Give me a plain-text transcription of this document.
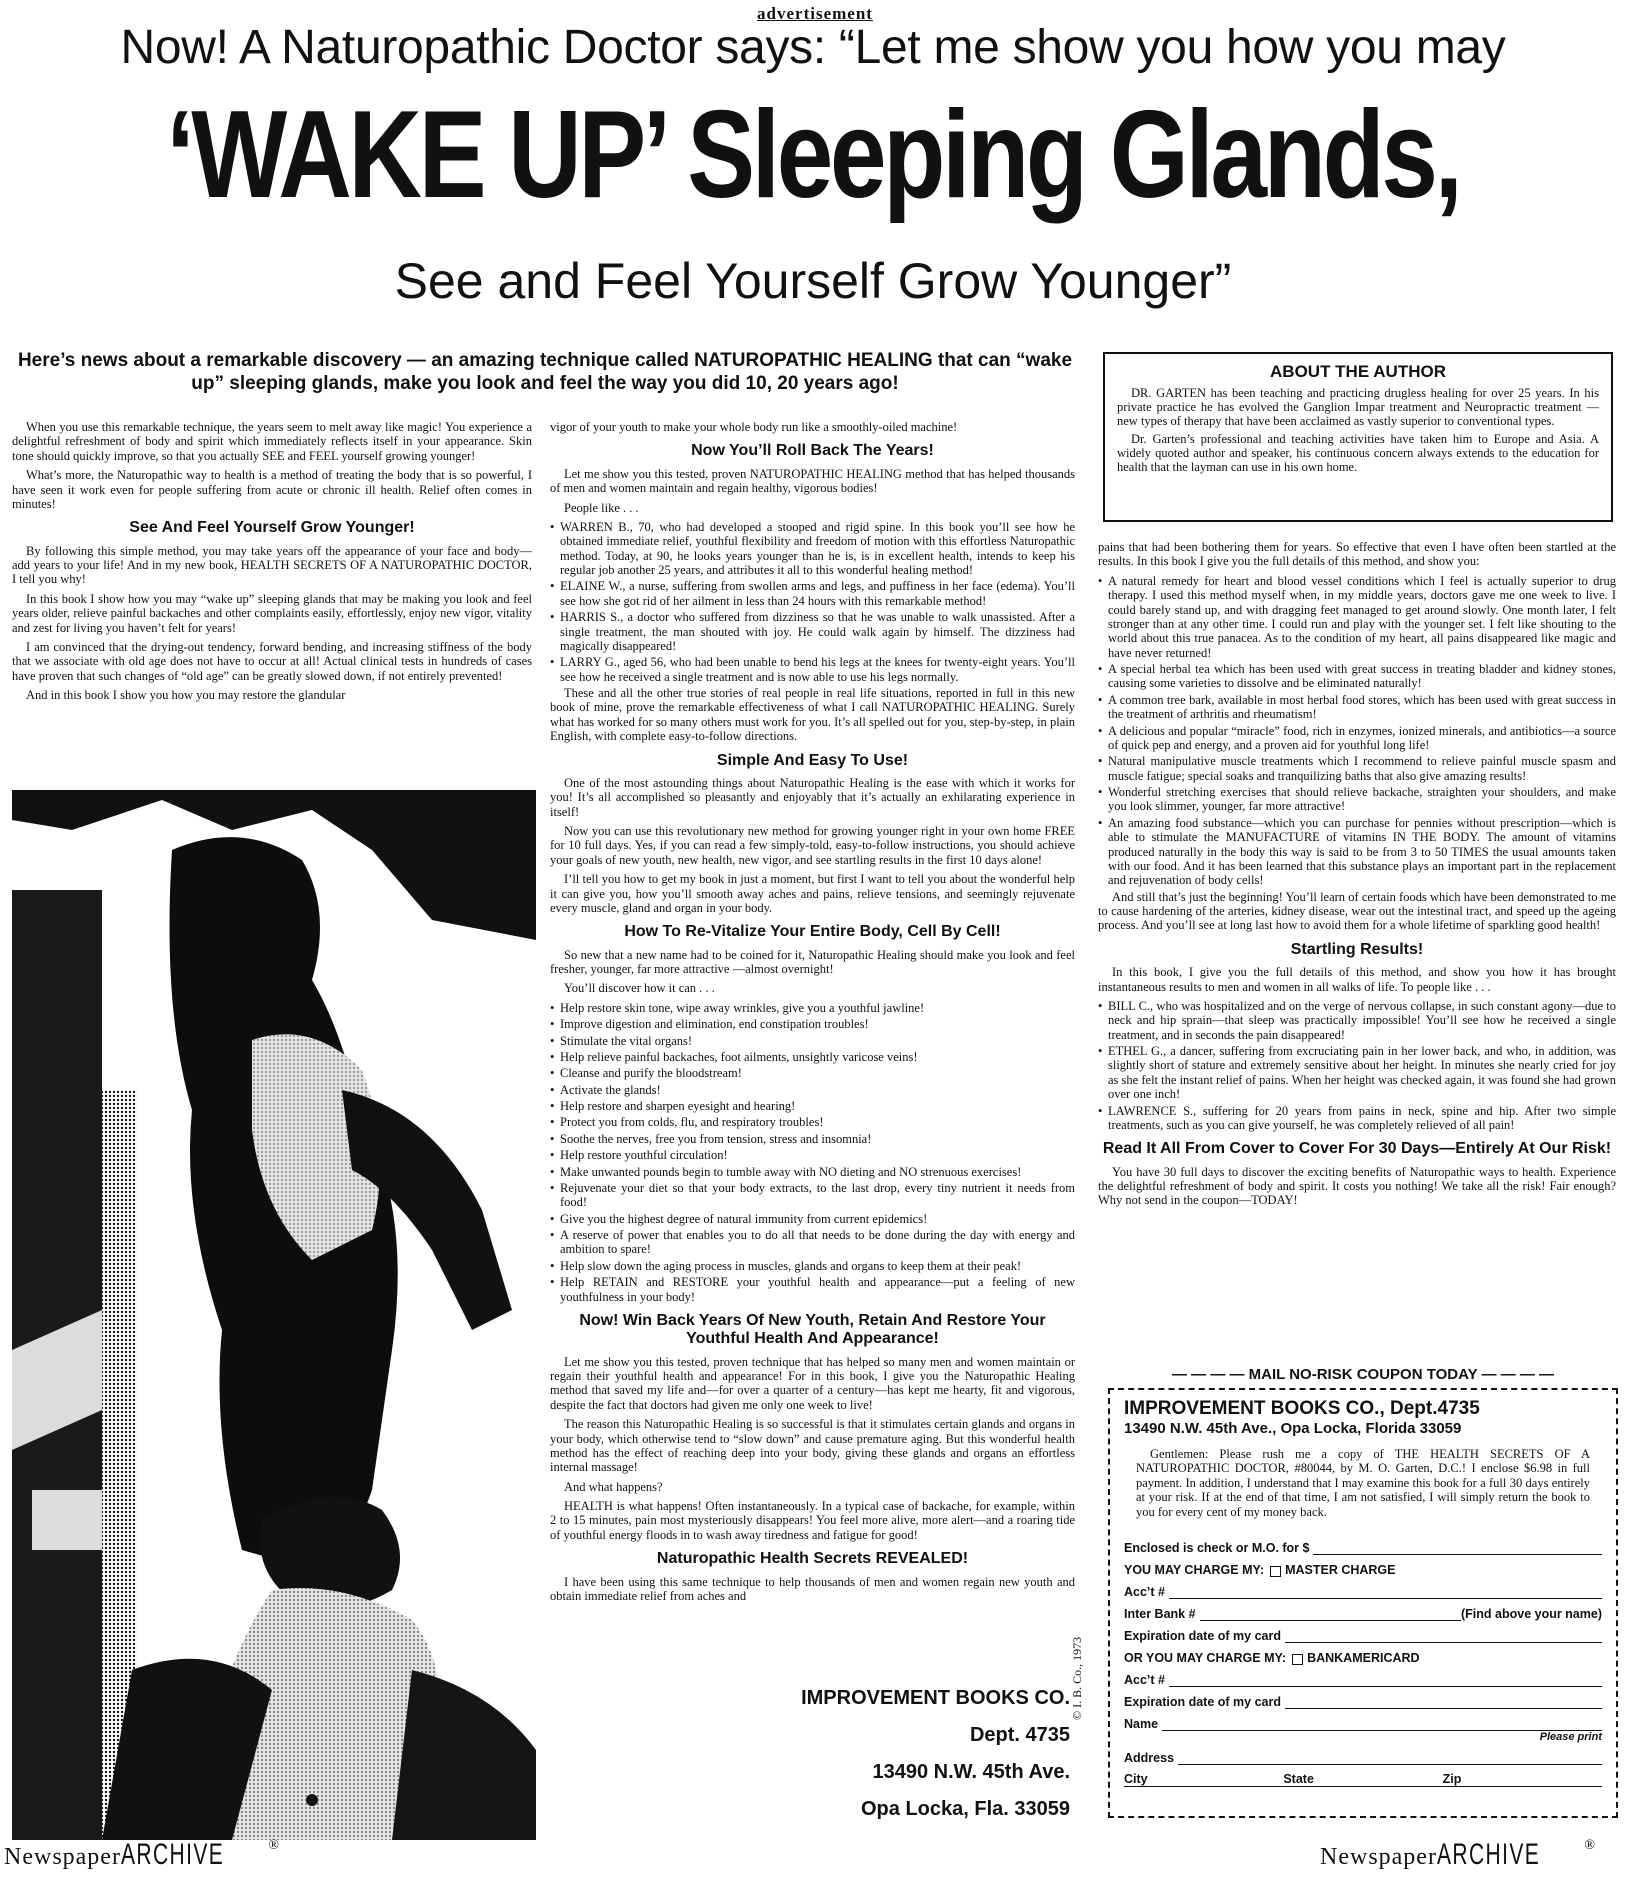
advertisement
Now! A Naturopathic Doctor says: “Let me show you how you may
‘WAKE UP’ Sleeping Glands,
See and Feel Yourself Grow Younger”
Here’s news about a remarkable discovery — an amazing technique called NATUROPATHIC HEALING that can “wake up” sleeping glands, make you look and feel the way you did 10, 20 years ago!

When you use this remarkable technique, the years seem to melt away like magic! You experience a delightful refreshment of body and spirit which immediately reflects itself in your appearance. Skin tone should quickly improve, so that you actually SEE and FEEL yourself growing younger!

What’s more, the Naturopathic way to health is a method of treating the body that is so powerful, I have seen it work even for people suffering from acute or chronic ill health. Relief often comes in minutes!

See And Feel Yourself Grow Younger!

By following this simple method, you may take years off the appearance of your face and body—add years to your life! And in my new book, HEALTH SECRETS OF A NATUROPATHIC DOCTOR, I tell you why!

In this book I show how you may “wake up” sleeping glands that may be making you look and feel years older, relieve painful backaches and other complaints easily, effortlessly, enjoy new vigor, vitality and zest for living you haven’t felt for years!

I am convinced that the drying-out tendency, forward bending, and increasing stiffness of the body that we associate with old age does not have to occur at all! Actual clinical tests in hundreds of cases have proven that such changes of “old age” can be greatly slowed down, if not entirely prevented!

And in this book I show you how you may restore the glandular

vigor of your youth to make your whole body run like a smoothly-oiled machine!

Now You’ll Roll Back The Years!

Let me show you this tested, proven NATUROPATHIC HEALING method that has helped thousands of men and women maintain and regain healthy, vigorous bodies!

People like . . .

• WARREN B., 70, who had developed a stooped and rigid spine. In this book you’ll see how he obtained immediate relief, youthful flexibility and freedom of motion with this effortless Naturopathic method. Today, at 90, he looks years younger than he is, is in excellent health, intends to keep his regular job another 25 years, and attributes it all to this wonderful healing method!
• ELAINE W., a nurse, suffering from swollen arms and legs, and puffiness in her face (edema). You’ll see how she got rid of her ailment in less than 24 hours with this remarkable method!
• HARRIS S., a doctor who suffered from dizziness so that he was unable to walk unassisted. After a single treatment, the man shouted with joy. He could walk again by himself. The dizziness had magically disappeared!
• LARRY G., aged 56, who had been unable to bend his legs at the knees for twenty-eight years. You’ll see how he received a single treatment and is now able to use his legs normally.

These and all the other true stories of real people in real life situations, reported in full in this new book of mine, prove the remarkable effectiveness of what I call NATUROPATHIC HEALING. Surely what has worked for so many others must work for you. It’s all spelled out for you, step-by-step, in plain English, with complete easy-to-follow directions.

Simple And Easy To Use!

One of the most astounding things about Naturopathic Healing is the ease with which it works for you! It’s all accomplished so pleasantly and enjoyably that it’s actually an exhilarating experience in itself!

Now you can use this revolutionary new method for growing younger right in your own home FREE for 10 full days. Yes, if you can read a few simply-told, easy-to-follow instructions, you should achieve your goals of new youth, new health, new vigor, and see startling results in the first 10 days alone!

I’ll tell you how to get my book in just a moment, but first I want to tell you about the wonderful help it can give you, how you’ll smooth away aches and pains, relieve tensions, and seemingly rejuvenate every muscle, gland and organ in your body.

How To Re-Vitalize Your Entire Body, Cell By Cell!

So new that a new name had to be coined for it, Naturopathic Healing should make you look and feel fresher, younger, far more attractive —almost overnight!

You’ll discover how it can . . .

• Help restore skin tone, wipe away wrinkles, give you a youthful jawline!
• Improve digestion and elimination, end constipation troubles!
• Stimulate the vital organs!
• Help relieve painful backaches, foot ailments, unsightly varicose veins!
• Cleanse and purify the bloodstream!
• Activate the glands!
• Help restore and sharpen eyesight and hearing!
• Protect you from colds, flu, and respiratory troubles!
• Soothe the nerves, free you from tension, stress and insomnia!
• Help restore youthful circulation!
• Make unwanted pounds begin to tumble away with NO dieting and NO strenuous exercises!
• Rejuvenate your diet so that your body extracts, to the last drop, every tiny nutrient it needs from food!
• Give you the highest degree of natural immunity from current epidemics!
• A reserve of power that enables you to do all that needs to be done during the day with energy and ambition to spare!
• Help slow down the aging process in muscles, glands and organs to keep them at their peak!
• Help RETAIN and RESTORE your youthful health and appearance—put a feeling of new youthfulness in your body!
Now! Win Back Years Of New Youth, Retain And Restore Your Youthful Health And Appearance!

Let me show you this tested, proven technique that has helped so many men and women maintain or regain their youthful health and appearance! For in this book, I give you the Naturopathic Healing method that saved my life and—for over a quarter of a century—has kept me hearty, fit and vigorous, despite the fact that doctors had given me only one week to live!

The reason this Naturopathic Healing is so successful is that it stimulates certain glands and organs in your body, which otherwise tend to “slow down” and cause premature aging. But this wonderful health method has the effect of reaching deep into your body, giving these glands and organs an effortless internal massage!

And what happens?

HEALTH is what happens! Often instantaneously. In a typical case of backache, for example, within 2 to 15 minutes, pain most mysteriously disappears! You feel more alive, more alert—and a roaring tide of youthful energy floods in to wash away tiredness and fatigue for good!

Naturopathic Health Secrets REVEALED!

I have been using this same technique to help thousands of men and women regain new youth and obtain immediate relief from aches and

IMPROVEMENT BOOKS CO.
Dept. 4735
13490 N.W. 45th Ave.
Opa Locka, Fla. 33059
© I. B. Co., 1973
ABOUT THE AUTHOR

DR. GARTEN has been teaching and practicing drugless healing for over 25 years. In his private practice he has evolved the Ganglion Impar treatment and Neuropractic treatment — new types of therapy that have been acclaimed as vastly superior to conventional types.

Dr. Garten’s professional and teaching activities have taken him to Europe and Asia. A widely quoted author and speaker, his continuous concern always extends to the education for health that the layman can use in his own home.

pains that had been bothering them for years. So effective that even I have often been startled at the results. In this book I give you the full details of this method, and show you:

• A natural remedy for heart and blood vessel conditions which I feel is actually superior to drug therapy. I used this method myself when, in my middle years, doctors gave me one week to live. I could barely stand up, and with dragging feet managed to get around slowly. One month later, I felt stronger than at any other time. I could run and play with the younger set. I felt like shouting to the world about this true panacea. As to the condition of my heart, all pains disappeared like magic and have never returned!
• A special herbal tea which has been used with great success in treating bladder and kidney stones, causing some varieties to dissolve and be eliminated naturally!
• A common tree bark, available in most herbal food stores, which has been used with great success in the treatment of arthritis and rheumatism!
• A delicious and popular “miracle” food, rich in enzymes, ionized minerals, and antibiotics—a source of quick pep and energy, and a proven aid for youthful long life!
• Natural manipulative muscle treatments which I recommend to relieve painful muscle spasm and muscle fatigue; special soaks and tranquilizing baths that also give amazing results!
• Wonderful stretching exercises that should relieve backache, straighten your shoulders, and make you look slimmer, younger, far more attractive!
• An amazing food substance—which you can purchase for pennies without prescription—which is able to stimulate the MANUFACTURE of vitamins IN THE BODY. The amount of vitamins produced naturally in the body this way is said to be from 3 to 50 TIMES the usual amounts taken with our food. And it has been learned that this substance plays an important part in the replacement and rejuvenation of body cells!

And still that’s just the beginning! You’ll learn of certain foods which have been demonstrated to me to cause hardening of the arteries, kidney disease, wear out the intestinal tract, and speed up the ageing process. And you’ll see at long last how to avoid them for a whole lifetime of sparkling good health!

Startling Results!

In this book, I give you the full details of this method, and show you how it has brought instantaneous results to men and women in all walks of life. To people like . . .

• BILL C., who was hospitalized and on the verge of nervous collapse, in such constant agony—due to neck and hip sprain—that sleep was practically impossible! You’ll see how he received a single treatment, and in seconds the pain disappeared!
• ETHEL G., a dancer, suffering from excruciating pain in her lower back, and who, in addition, was slightly short of stature and extremely sensitive about her height. In minutes she nearly cried for joy as she felt the instant relief of pains. When her height was checked again, it was found she had grown over one inch!
• LAWRENCE S., suffering for 20 years from pains in neck, spine and hip. After two simple treatments, such as you can give yourself, he was completely relieved of all pain!
Read It All From Cover to Cover For 30 Days—Entirely At Our Risk!

You have 30 full days to discover the exciting benefits of Naturopathic ways to health. Experience the delightful refreshment of body and spirit. It costs you nothing! We take all the risk! Fair enough? Why not send in the coupon—TODAY!

— — — — MAIL NO-RISK COUPON TODAY — — — —
IMPROVEMENT BOOKS CO., Dept.4735
13490 N.W. 45th Ave., Opa Locka, Florida 33059

Gentlemen: Please rush me a copy of THE HEALTH SECRETS OF A NATUROPATHIC DOCTOR, #80044, by M. O. Garten, D.C.! I enclose $6.98 in full payment. In addition, I understand that I may examine this book for a full 30 days entirely at your risk. If at the end of that time, I am not satisfied, I will simply return the book to you for every cent of my money back.

Enclosed is check or M.O. for $
YOU MAY CHARGE MY: MASTER CHARGE
Acc’t #
Inter Bank #	(Find above your name)
Expiration date of my card
OR YOU MAY CHARGE MY: BANKAMERICARD
Acc’t #
Expiration date of my card
Name
Please print
Address
City	State	Zip
NewspaperARCHIVE	®	NewspaperARCHIVE	®
